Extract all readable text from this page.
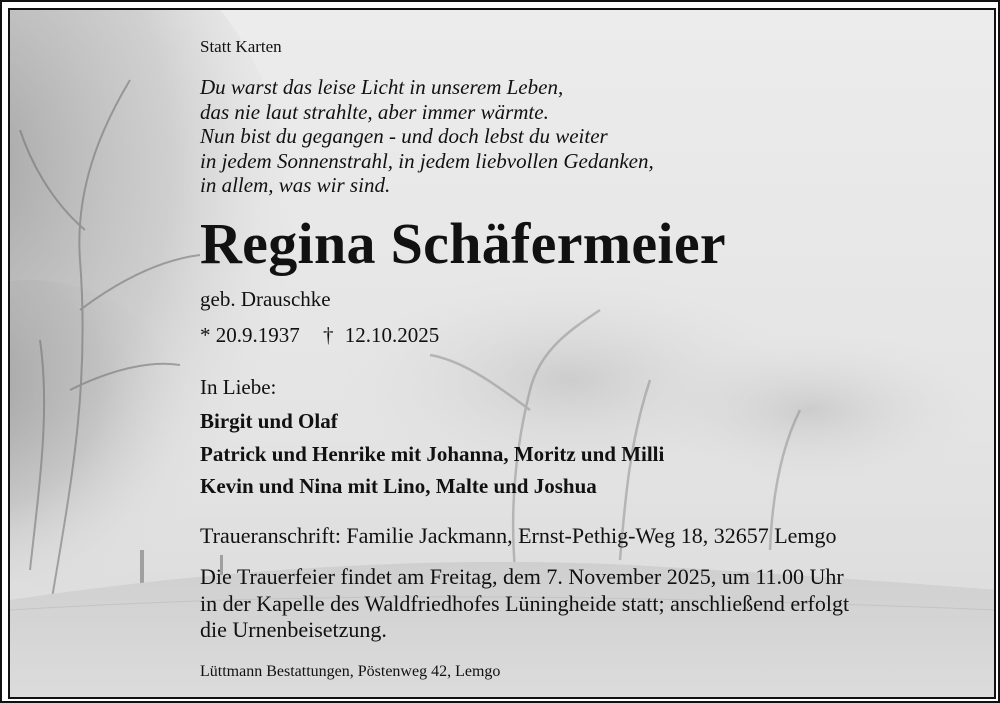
Statt Karten
Du warst das leise Licht in unserem Leben,
das nie laut strahlte, aber immer wärmte.
Nun bist du gegangen - und doch lebst du weiter
in jedem Sonnenstrahl, in jedem liebvollen Gedanken,
in allem, was wir sind.
Regina Schäfermeier
geb. Drauschke
* 20.9.1937 † 12.10.2025
In Liebe:
Birgit und Olaf
Patrick und Henrike mit Johanna, Moritz und Milli
Kevin und Nina mit Lino, Malte und Joshua
Traueranschrift: Familie Jackmann, Ernst-Pethig-Weg 18, 32657 Lemgo
Die Trauerfeier findet am Freitag, dem 7. November 2025, um 11.00 Uhr
in der Kapelle des Waldfriedhofes Lüningheide statt; anschließend erfolgt
die Urnenbeisetzung.
Lüttmann Bestattungen, Pöstenweg 42, Lemgo
